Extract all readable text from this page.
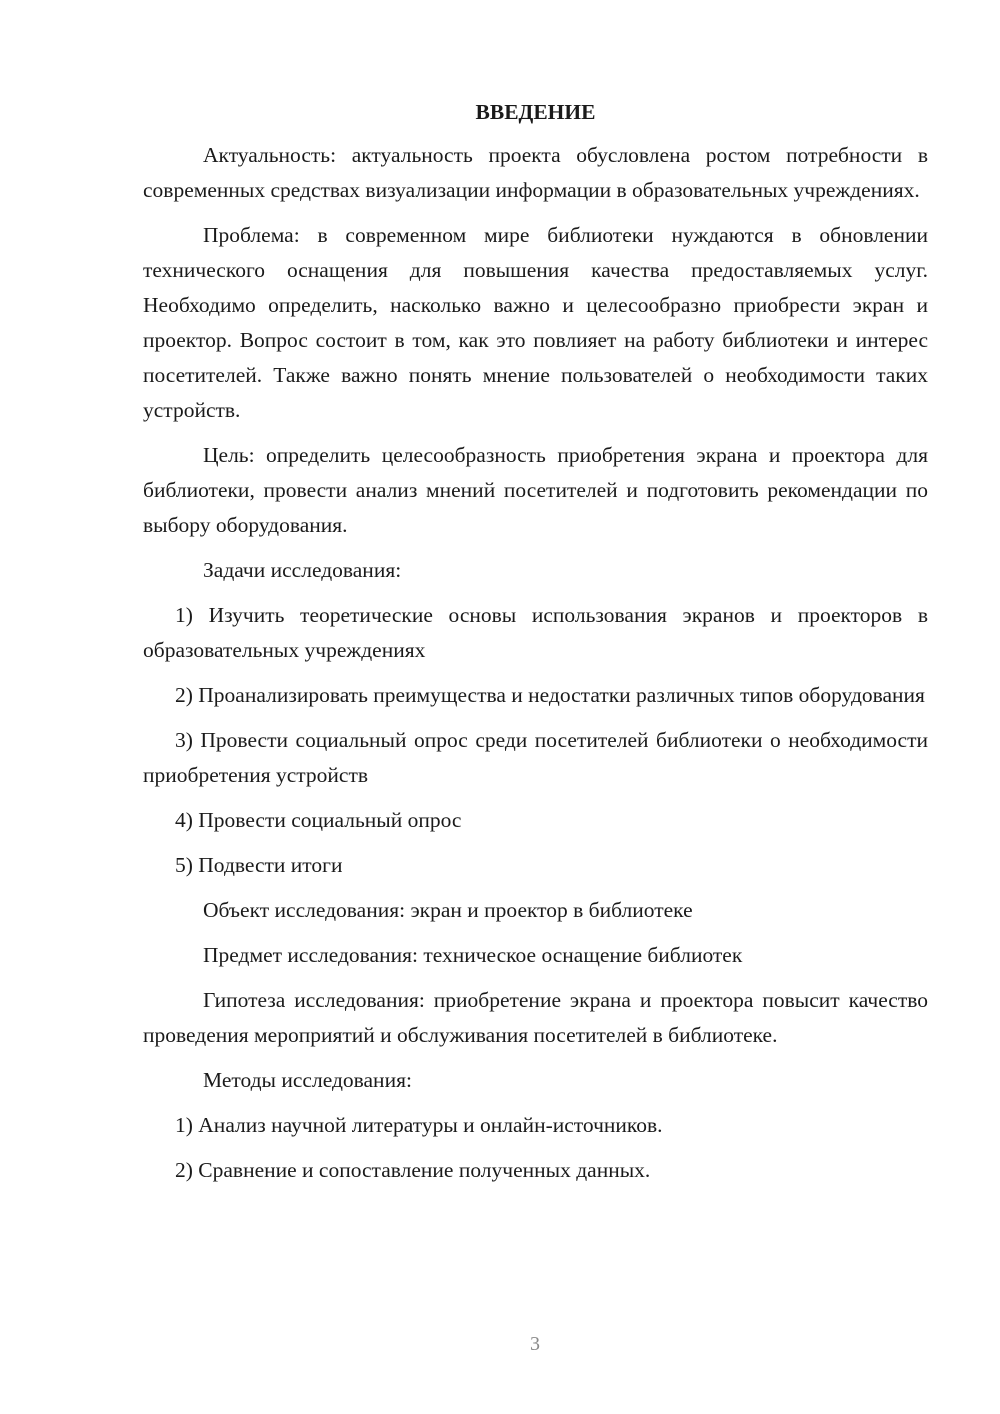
ВВЕДЕНИЕ

Актуальность: актуальность проекта обусловлена ростом потребности в современных средствах визуализации информации в образовательных учреждениях.

Проблема: в современном мире библиотеки нуждаются в обновлении технического оснащения для повышения качества предоставляемых услуг. Необходимо определить, насколько важно и целесообразно приобрести экран и проектор. Вопрос состоит в том, как это повлияет на работу библиотеки и интерес посетителей. Также важно понять мнение пользователей о необходимости таких устройств.

Цель: определить целесообразность приобретения экрана и проектора для библиотеки, провести анализ мнений посетителей и подготовить рекомендации по выбору оборудования.

Задачи исследования:

1) Изучить теоретические основы использования экранов и проекторов в образовательных учреждениях

2) Проанализировать преимущества и недостатки различных типов оборудования

3) Провести социальный опрос среди посетителей библиотеки о необходимости приобретения устройств

4) Провести социальный опрос

5) Подвести итоги

Объект исследования: экран и проектор в библиотеке

Предмет исследования: техническое оснащение библиотек

Гипотеза исследования: приобретение экрана и проектора повысит качество проведения мероприятий и обслуживания посетителей в библиотеке.

Методы исследования:

1) Анализ научной литературы и онлайн-источников.

2) Сравнение и сопоставление полученных данных.

3
